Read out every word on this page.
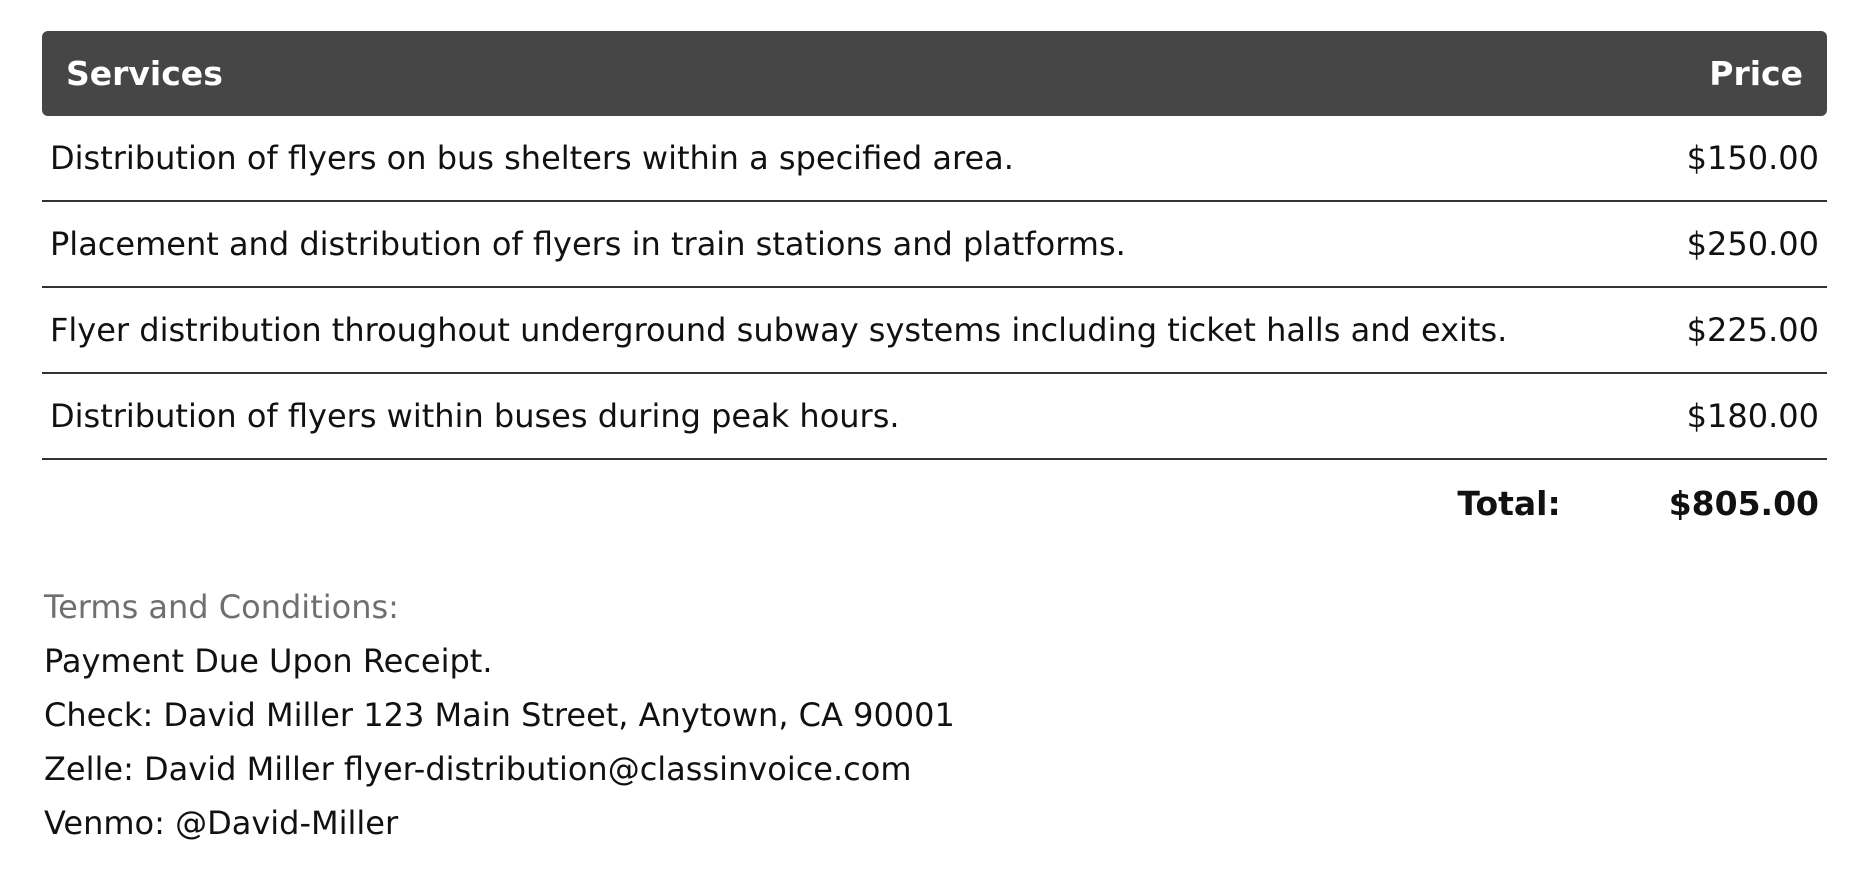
Services	Price
Distribution of flyers on bus shelters within a specified area.	$150.00
Placement and distribution of flyers in train stations and platforms.	$250.00
Flyer distribution throughout underground subway systems including ticket halls and exits.	$225.00
Distribution of flyers within buses during peak hours.	$180.00
Total:	$805.00
Terms and Conditions:
Payment Due Upon Receipt.
Check: David Miller 123 Main Street, Anytown, CA 90001
Zelle: David Miller flyer-distribution@classinvoice.com
Venmo: @David-Miller
